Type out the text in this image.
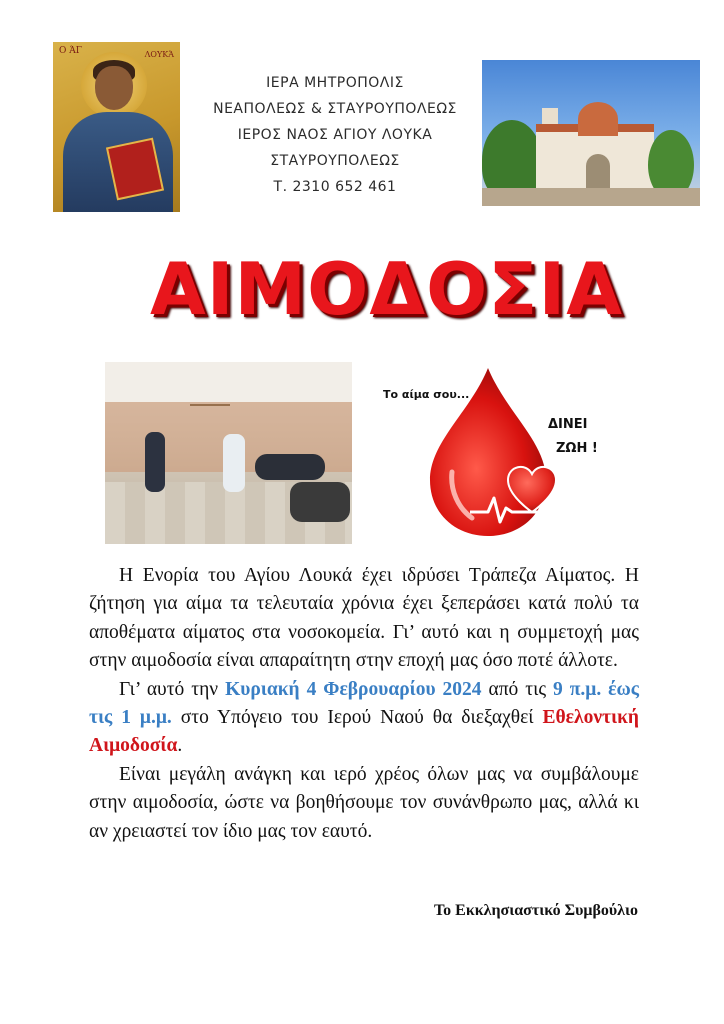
Ο ΆΓ	ΛΟΥΚΆ
ΙΕΡΑ ΜΗΤΡΟΠΟΛΙΣ
ΝΕΑΠΟΛΕΩΣ & ΣΤΑΥΡΟΥΠΟΛΕΩΣ
ΙΕΡΟΣ ΝΑΟΣ ΑΓΙΟΥ ΛΟΥΚΑ
ΣΤΑΥΡΟΥΠΟΛΕΩΣ
Τ. 2310 652 461
ΑΙΜΟΔΟΣΙΑ
Το αίμα σου...
ΔΙΝΕΙ
ΖΩΗ !

Η Ενορία του Αγίου Λουκά έχει ιδρύσει Τράπεζα Αίματος. Η ζήτηση για αίμα τα τελευταία χρόνια έχει ξεπεράσει κατά πολύ τα αποθέματα αίματος στα νοσοκομεία. Γι’ αυτό και η συμμετοχή μας στην αιμοδοσία είναι απαραίτητη στην εποχή μας όσο ποτέ άλλοτε.

Γι’ αυτό την Κυριακή 4 Φεβρουαρίου 2024 από τις 9 π.μ. έως τις 1 μ.μ. στο Υπόγειο του Ιερού Ναού θα διεξαχθεί Εθελοντική Αιμοδοσία.

Είναι μεγάλη ανάγκη και ιερό χρέος όλων μας να συμβάλουμε στην αιμοδοσία, ώστε να βοηθήσουμε τον συνάνθρωπο μας, αλλά κι αν χρειαστεί τον ίδιο μας τον εαυτό.

Το Εκκλησιαστικό Συμβούλιο
